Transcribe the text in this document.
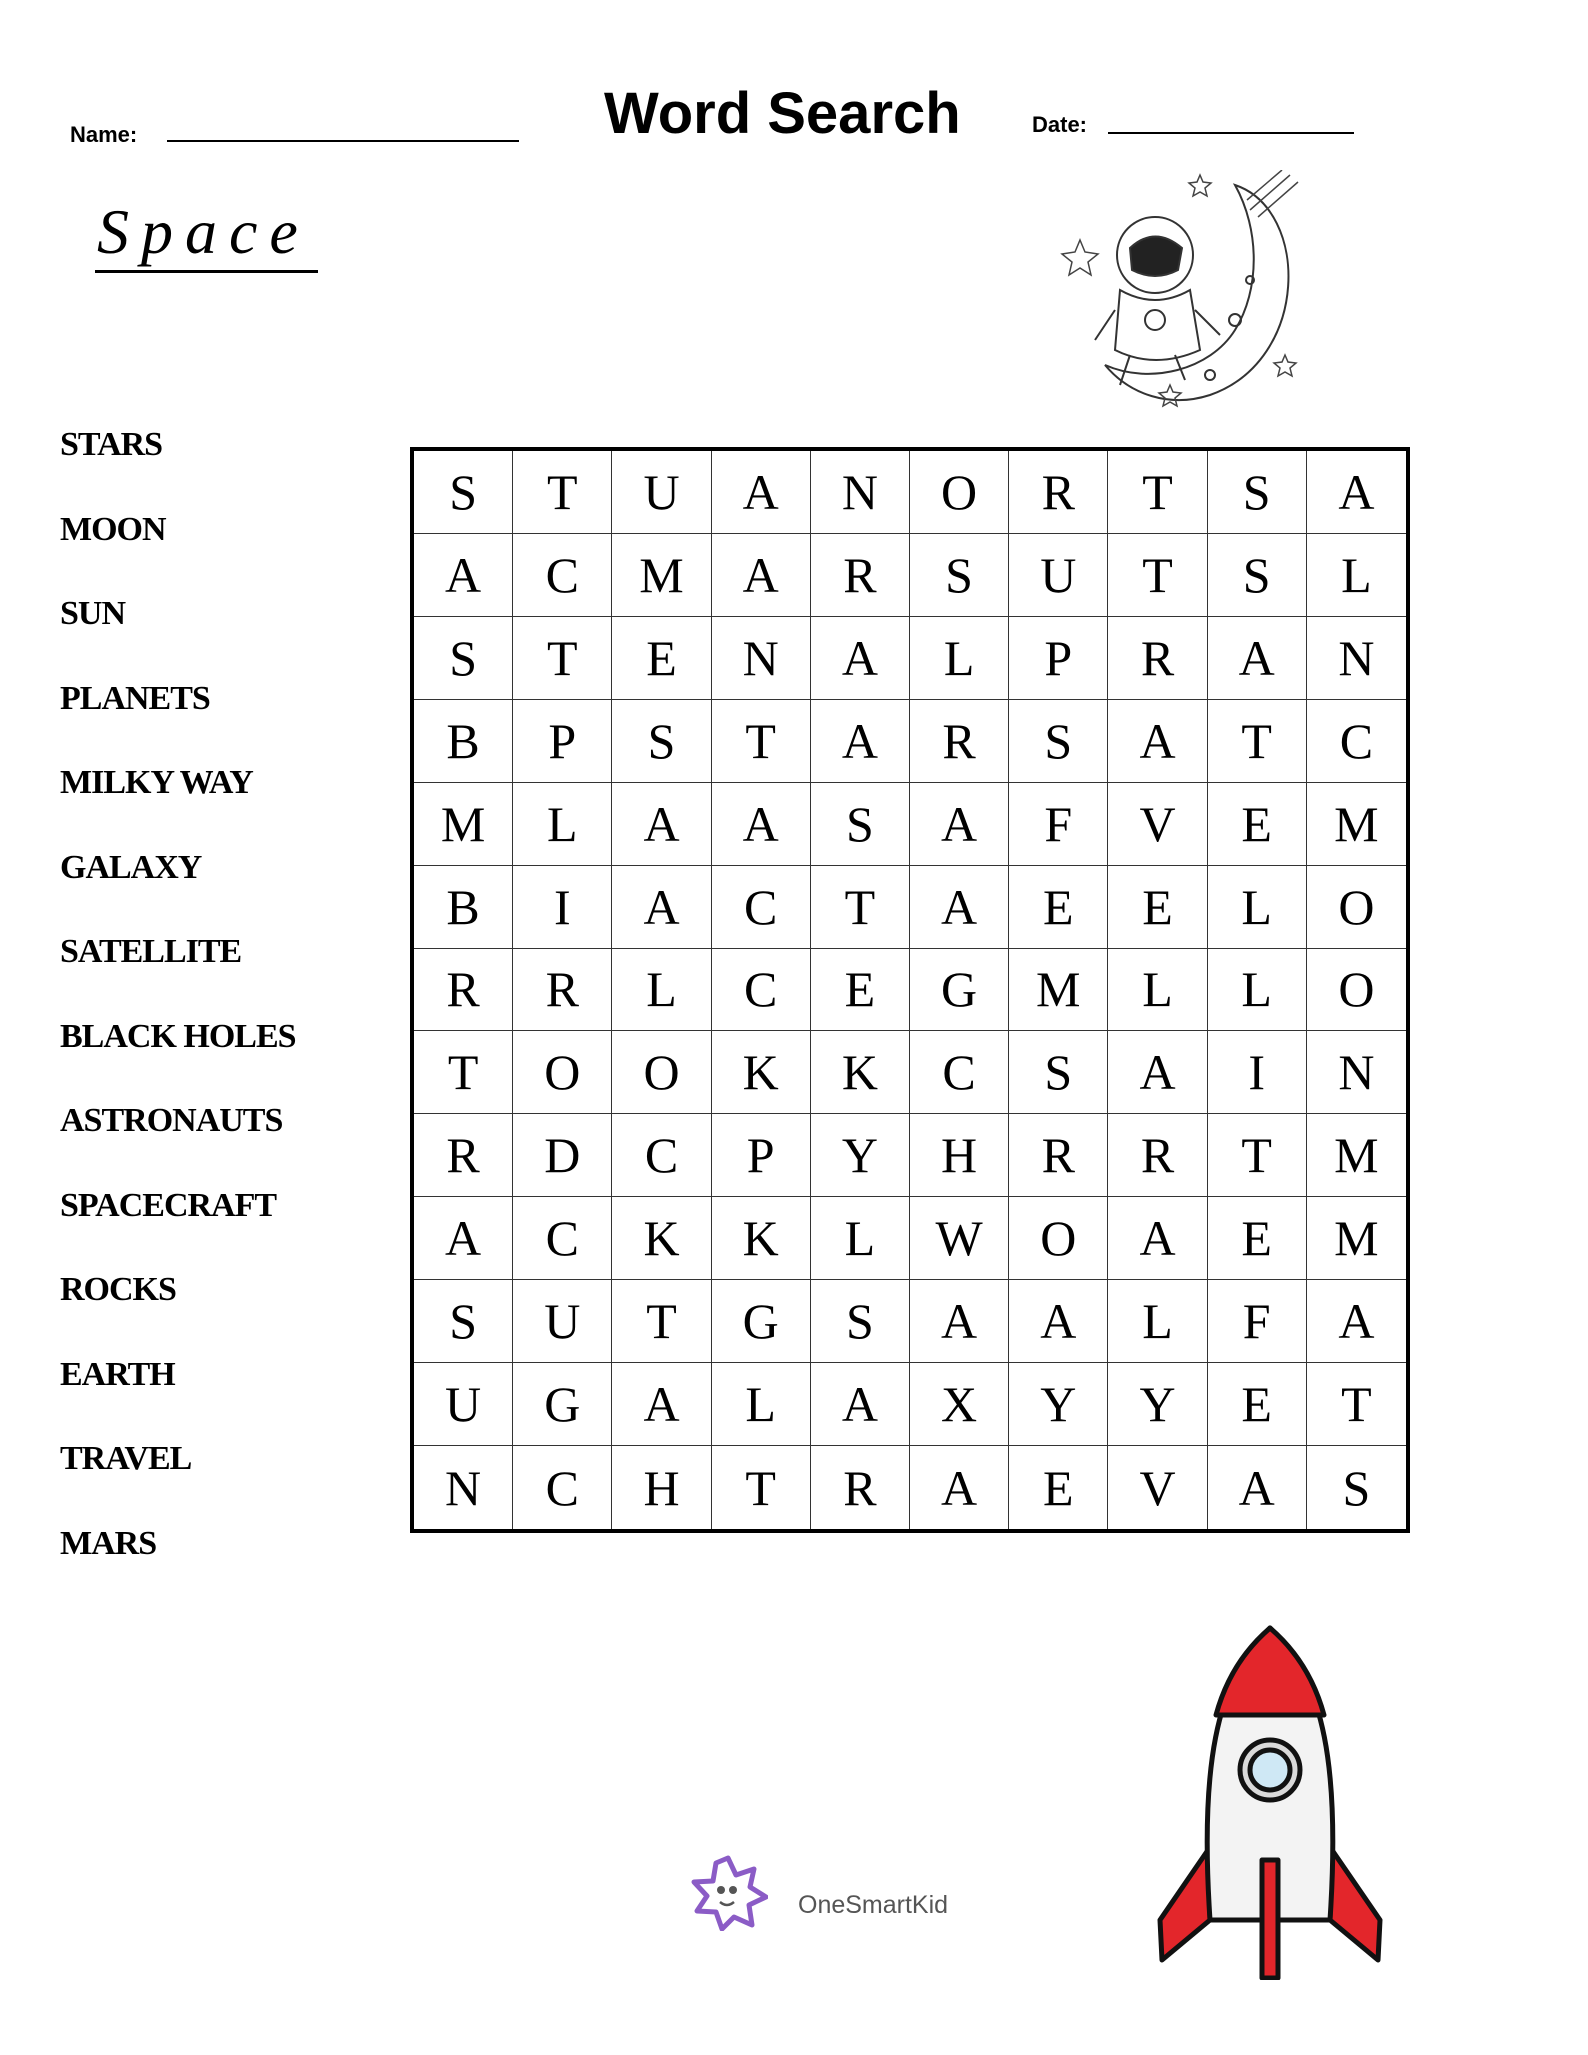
Name:	Word Search	Date:
Space
STARS
MOON
SUN
PLANETS
MILKY WAY
GALAXY
SATELLITE
BLACK HOLES
ASTRONAUTS
SPACECRAFT
ROCKS
EARTH
TRAVEL
MARS
S	T	U	A	N	O	R	T	S	A
A	C	M	A	R	S	U	T	S	L
S	T	E	N	A	L	P	R	A	N
B	P	S	T	A	R	S	A	T	C
M	L	A	A	S	A	F	V	E	M
B	I	A	C	T	A	E	E	L	O
R	R	L	C	E	G	M	L	L	O
T	O	O	K	K	C	S	A	I	N
R	D	C	P	Y	H	R	R	T	M
A	C	K	K	L	W	O	A	E	M
S	U	T	G	S	A	A	L	F	A
U	G	A	L	A	X	Y	Y	E	T
N	C	H	T	R	A	E	V	A	S
OneSmartKid
